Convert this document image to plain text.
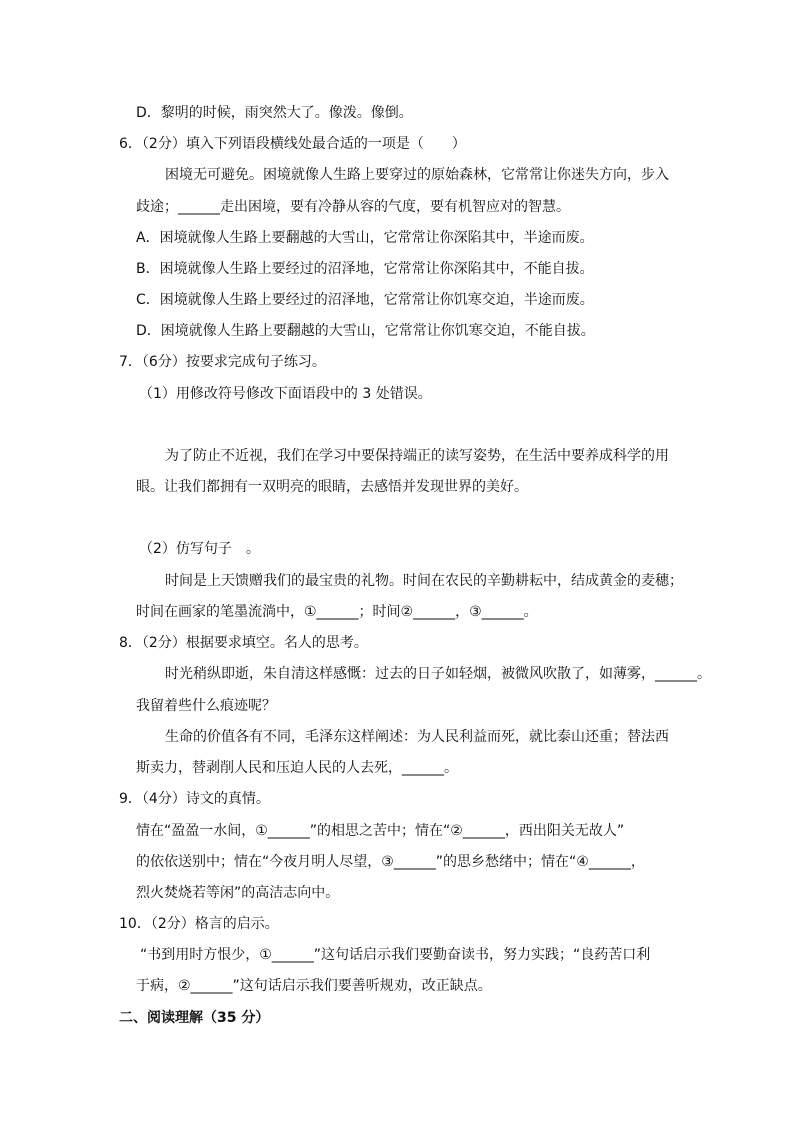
D．黎明的时候，雨突然大了。像泼。像倒。
6．（2分）填入下列语段横线处最合适的一项是（　　）
困境无可避免。困境就像人生路上要穿过的原始森林，它常常让你迷失方向，步入
歧途；______走出困境，要有冷静从容的气度，要有机智应对的智慧。
A．困境就像人生路上要翻越的大雪山，它常常让你深陷其中，半途而废。
B．困境就像人生路上要经过的沼泽地，它常常让你深陷其中，不能自拔。
C．困境就像人生路上要经过的沼泽地，它常常让你饥寒交迫，半途而废。
D．困境就像人生路上要翻越的大雪山，它常常让你饥寒交迫，不能自拔。
7．（6分）按要求完成句子练习。
（1）用修改符号修改下面语段中的 3 处错误。
为了防止不近视，我们在学习中要保持端正的读写姿势，在生活中要养成科学的用
眼。让我们都拥有一双明亮的眼睛，去感悟并发现世界的美好。
（2）仿写句子　。
时间是上天馈赠我们的最宝贵的礼物。时间在农民的辛勤耕耘中，结成黄金的麦穗；
时间在画家的笔墨流淌中，①______；时间②______，③______。
8．（2分）根据要求填空。名人的思考。
时光稍纵即逝，朱自清这样感慨：过去的日子如轻烟，被微风吹散了，如薄雾，______。
我留着些什么痕迹呢？
生命的价值各有不同，毛泽东这样阐述：为人民利益而死，就比泰山还重；替法西
斯卖力，替剥削人民和压迫人民的人去死，______。
9．（4分）诗文的真情。
情在“盈盈一水间，①______”的相思之苦中；情在“②______，西出阳关无故人”
的依依送别中；情在“今夜月明人尽望，③______”的思乡愁绪中；情在“④______，
烈火焚烧若等闲”的高洁志向中。
10．（2分）格言的启示。
“书到用时方恨少，①______”这句话启示我们要勤奋读书，努力实践；“良药苦口利
于病，②______”这句话启示我们要善听规劝，改正缺点。
二、阅读理解（35 分）
